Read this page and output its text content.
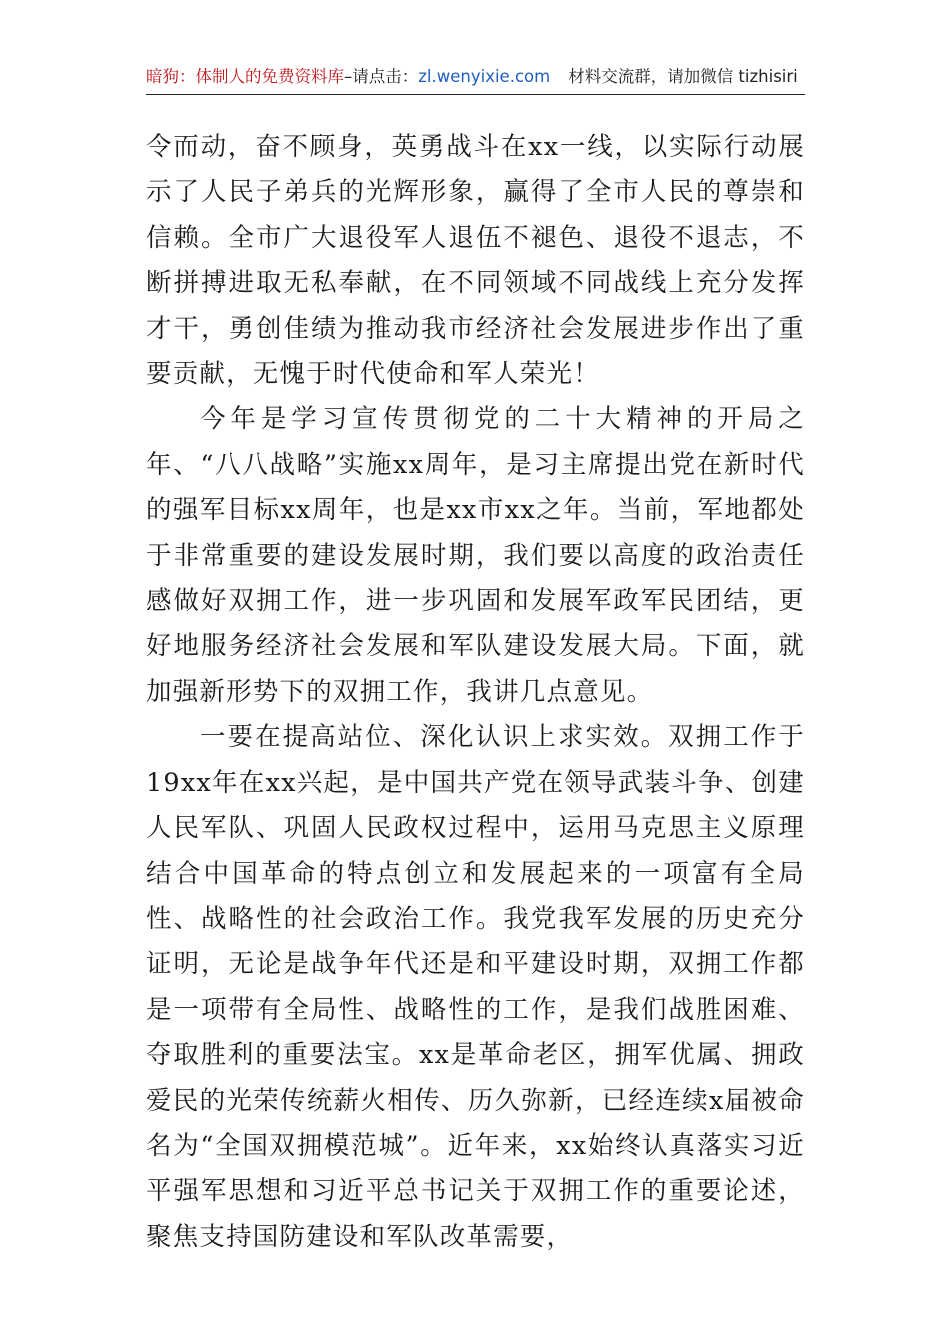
暗狗：体制人的免费资料库 –请点击： zl.wenyixie.com 材料交流群，请加微信 tizhisiri

令而动，奋不顾身，英勇战斗在xx一线，以实际行动展示了人民子弟兵的光辉形象，赢得了全市人民的尊崇和信赖。全市广大退役军人退伍不褪色、退役不退志，不断拼搏进取无私奉献，在不同领域不同战线上充分发挥才干，勇创佳绩为推动我市经济社会发展进步作出了重要贡献，无愧于时代使命和军人荣光！

今年是学习宣传贯彻党的二十大精神的开局之年、“八八战略”实施xx周年，是习主席提出党在新时代的强军目标xx周年，也是xx市xx之年。当前，军地都处于非常重要的建设发展时期，我们要以高度的政治责任感做好双拥工作，进一步巩固和发展军政军民团结，更好地服务经济社会发展和军队建设发展大局。下面，就加强新形势下的双拥工作，我讲几点意见。

一要在提高站位、深化认识上求实效。双拥工作于19xx年在xx兴起，是中国共产党在领导武装斗争、创建人民军队、巩固人民政权过程中，运用马克思主义原理结合中国革命的特点创立和发展起来的一项富有全局性、战略性的社会政治工作。我党我军发展的历史充分证明，无论是战争年代还是和平建设时期，双拥工作都是一项带有全局性、战略性的工作，是我们战胜困难、夺取胜利的重要法宝。xx是革命老区，拥军优属、拥政爱民的光荣传统薪火相传、历久弥新，已经连续x届被命名为“全国双拥模范城”。近年来，xx始终认真落实习近平强军思想和习近平总书记关于双拥工作的重要论述，聚焦支持国防建设和军队改革需要，
